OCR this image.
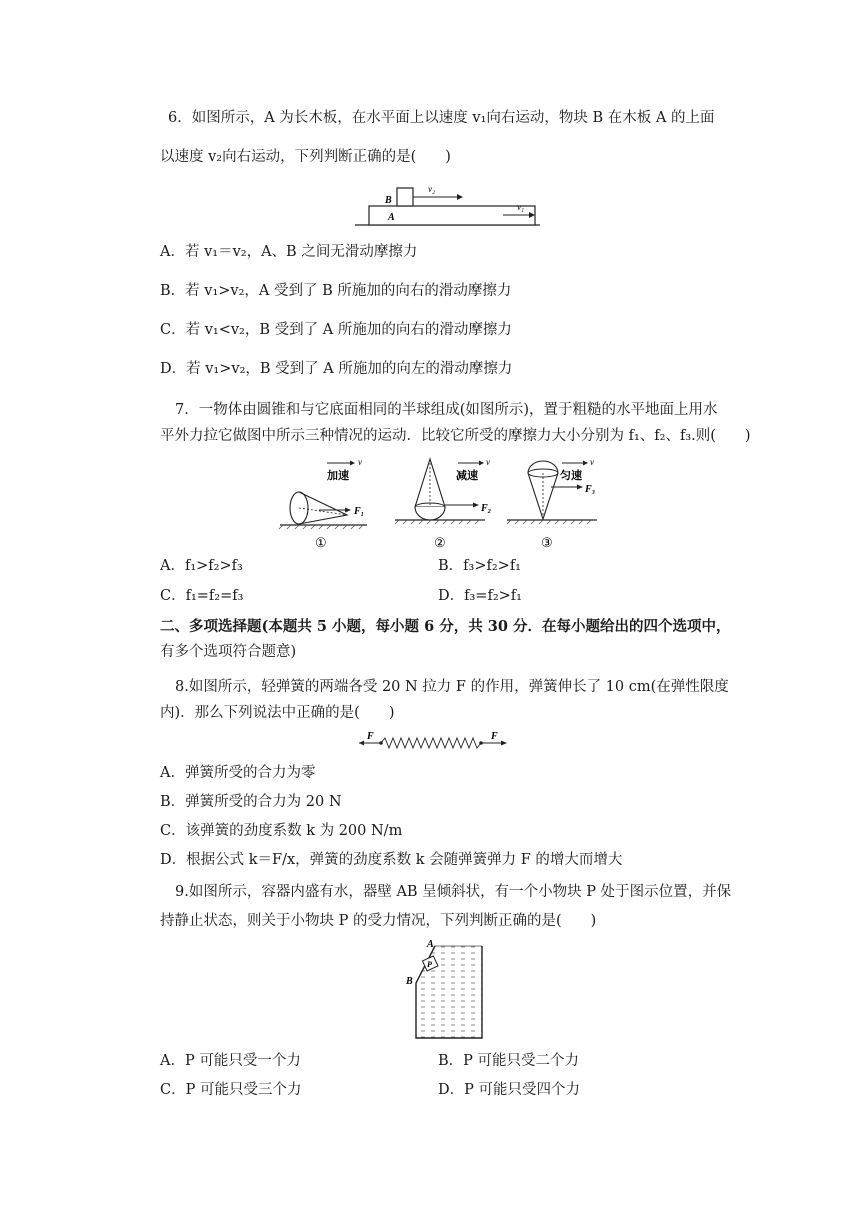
6．如图所示，A 为长木板，在水平面上以速度 v₁向右运动，物块 B 在木板 A 的上面
以速度 v₂向右运动，下列判断正确的是(　　)
B
A
v₂
v₁
A．若 v₁＝v₂，A、B 之间无滑动摩擦力
B．若 v₁>v₂，A 受到了 B 所施加的向右的滑动摩擦力
C．若 v₁<v₂，B 受到了 A 所施加的向右的滑动摩擦力
D．若 v₁>v₂，B 受到了 A 所施加的向左的滑动摩擦力
7．一物体由圆锥和与它底面相同的半球组成(如图所示)，置于粗糙的水平地面上用水
平外力拉它做图中所示三种情况的运动．比较它所受的摩擦力大小分别为 f₁、f₂、f₃.则(　　)
v
加速
F₁
①
v
减速
F₂
②
v
匀速
F₃
③
A．f₁>f₂>f₃	B．f₃>f₂>f₁
C．f₁=f₂=f₃	D．f₃=f₂>f₁
二、多项选择题(本题共 5 小题，每小题 6 分，共 30 分．在每小题给出的四个选项中，
有多个选项符合题意)
8.如图所示，轻弹簧的两端各受 20 N 拉力 F 的作用，弹簧伸长了 10 cm(在弹性限度
内)．那么下列说法中正确的是(　　)
F	F
A．弹簧所受的合力为零
B．弹簧所受的合力为 20 N
C．该弹簧的劲度系数 k 为 200 N/m
D．根据公式 k＝F/x，弹簧的劲度系数 k 会随弹簧弹力 F 的增大而增大
9.如图所示，容器内盛有水，器壁 AB 呈倾斜状，有一个小物块 P 处于图示位置，并保
持静止状态，则关于小物块 P 的受力情况，下列判断正确的是(　　)
P
A
B
A．P 可能只受一个力	B．P 可能只受二个力
C．P 可能只受三个力	D．P 可能只受四个力
